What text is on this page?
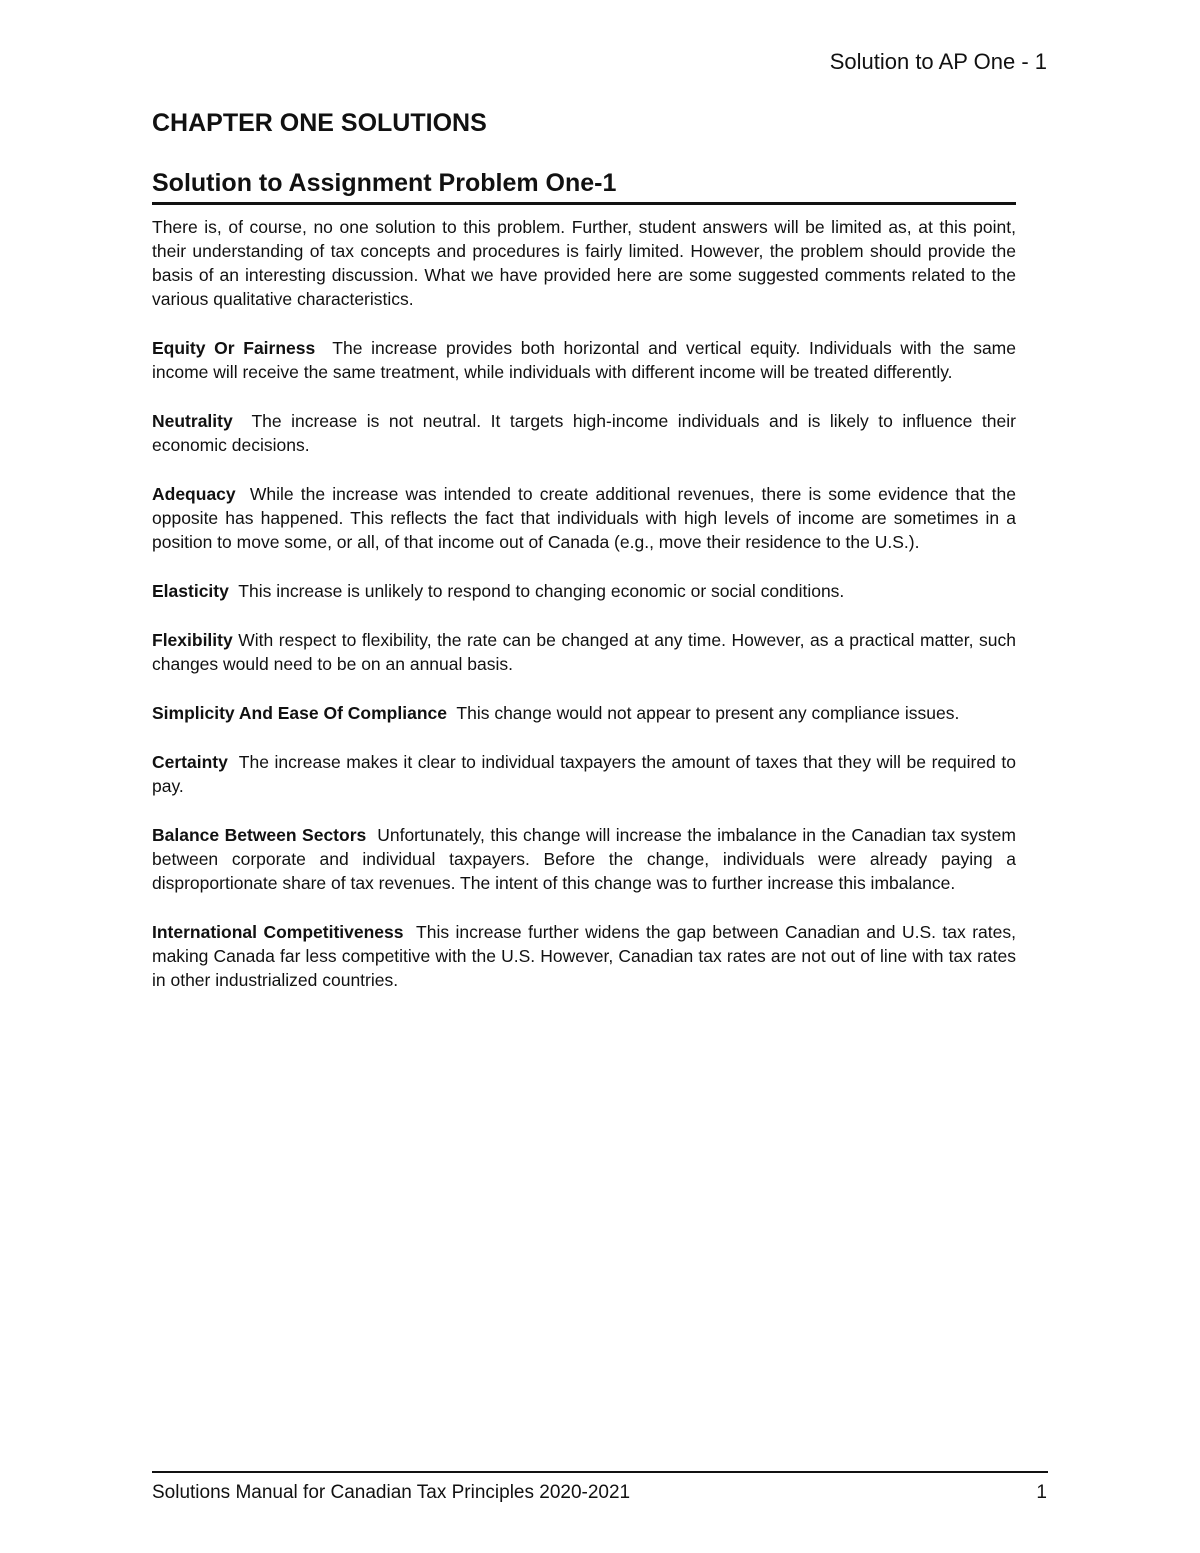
Solution to AP One - 1
CHAPTER ONE SOLUTIONS
Solution to Assignment Problem One-1

There is, of course, no one solution to this problem. Further, student answers will be limited as, at this point, their understanding of tax concepts and procedures is fairly limited. However, the problem should provide the basis of an interesting discussion. What we have provided here are some suggested comments related to the various qualitative characteristics.

Equity Or Fairness The increase provides both horizontal and vertical equity. Individuals with the same income will receive the same treatment, while individuals with different income will be treated differently.

Neutrality The increase is not neutral. It targets high-income individuals and is likely to influence their economic decisions.

Adequacy While the increase was intended to create additional revenues, there is some evidence that the opposite has happened. This reflects the fact that individuals with high levels of income are sometimes in a position to move some, or all, of that income out of Canada (e.g., move their residence to the U.S.).

Elasticity This increase is unlikely to respond to changing economic or social conditions.

Flexibility With respect to flexibility, the rate can be changed at any time. However, as a practical matter, such changes would need to be on an annual basis.

Simplicity And Ease Of Compliance This change would not appear to present any compliance issues.

Certainty The increase makes it clear to individual taxpayers the amount of taxes that they will be required to pay.

Balance Between Sectors Unfortunately, this change will increase the imbalance in the Canadian tax system between corporate and individual taxpayers. Before the change, individuals were already paying a disproportionate share of tax revenues. The intent of this change was to further increase this imbalance.

International Competitiveness This increase further widens the gap between Canadian and U.S. tax rates, making Canada far less competitive with the U.S. However, Canadian tax rates are not out of line with tax rates in other industrialized countries.

Solutions Manual for Canadian Tax Principles 2020-2021	1
